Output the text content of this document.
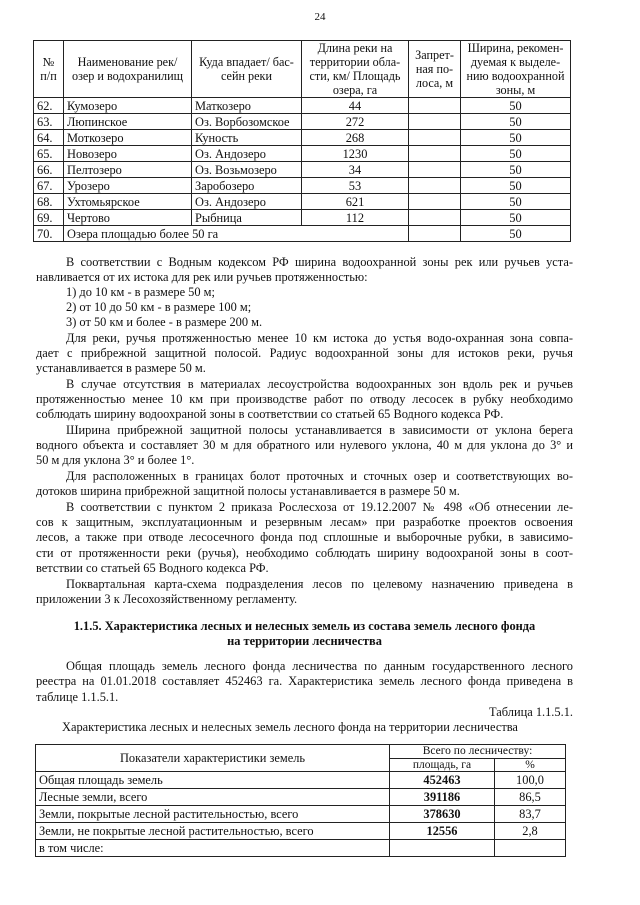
24
№ п/п	Наименование рек/ озер и водохранилищ	Куда впадает/ бас-сейн реки	Длина реки на территории обла-сти, км/ Площадь озера, га	Запрет-ная по-лоса, м	Ширина, рекомен-дуемая к выделе-нию водоохранной зоны, м
62.	Кумозеро	Маткозеро	44		50
63.	Люпинское	Оз. Ворбозомское	272		50
64.	Моткозеро	Куность	268		50
65.	Новозеро	Оз. Андозеро	1230		50
66.	Пелтозеро	Оз. Возьмозеро	34		50
67.	Урозеро	Заробозеро	53		50
68.	Ухтомьярское	Оз. Андозеро	621		50
69.	Чертово	Рыбница	112		50
70.	Озера площадью более 50 га				50
В соответствии с Водным кодексом РФ ширина водоохранной зоны рек или ручьев уста-
навливается от их истока для рек или ручьев протяженностью:
1) до 10 км - в размере 50 м;
2) от 10 до 50 км - в размере 100 м;
3) от 50 км и более - в размере 200 м.
Для реки, ручья протяженностью менее 10 км истока до устья водо-охранная зона совпа-
дает с прибрежной защитной полосой. Радиус водоохранной зоны для истоков реки, ручья
устанавливается в размере 50 м.
В случае отсутствия в материалах лесоустройства водоохранных зон вдоль рек и ручьев
протяженностью менее 10 км при производстве работ по отводу лесосек в рубку необходимо
соблюдать ширину водоохраной зоны в соответствии со статьей 65 Водного кодекса РФ.
Ширина прибрежной защитной полосы устанавливается в зависимости от уклона берега
водного объекта и составляет 30 м для обратного или нулевого уклона, 40 м для уклона до 3° и
50 м для уклона 3° и более 1°.
Для расположенных в границах болот проточных и сточных озер и соответствующих во-
дотоков ширина прибрежной защитной полосы устанавливается в размере 50 м.
В соответствии с пунктом 2 приказа Рослесхоза от 19.12.2007 № 498 «Об отнесении ле-
сов к защитным, эксплуатационным и резервным лесам» при разработке проектов освоения
лесов, а также при отводе лесосечного фонда под сплошные и выборочные рубки, в зависимо-
сти от протяженности реки (ручья), необходимо соблюдать ширину водоохраной зоны в соот-
ветствии со статьей 65 Водного кодекса РФ.
Поквартальная карта-схема подразделения лесов по целевому назначению приведена в
приложении 3 к Лесохозяйственному регламенту.
1.1.5. Характеристика лесных и нелесных земель из состава земель лесного фонда
на территории лесничества
Общая площадь земель лесного фонда лесничества по данным государственного лесного
реестра на 01.01.2018 составляет 452463 га. Характеристика земель лесного фонда приведена в
таблице 1.1.5.1.
Таблица 1.1.5.1.
Характеристика лесных и нелесных земель лесного фонда на территории лесничества
Показатели характеристики земель	Всего по лесничеству:	
	площадь, га	%
Общая площадь земель	452463	100,0
Лесные земли, всего	391186	86,5
Земли, покрытые лесной растительностью, всего	378630	83,7
Земли, не покрытые лесной растительностью, всего	12556	2,8
в том числе:		
